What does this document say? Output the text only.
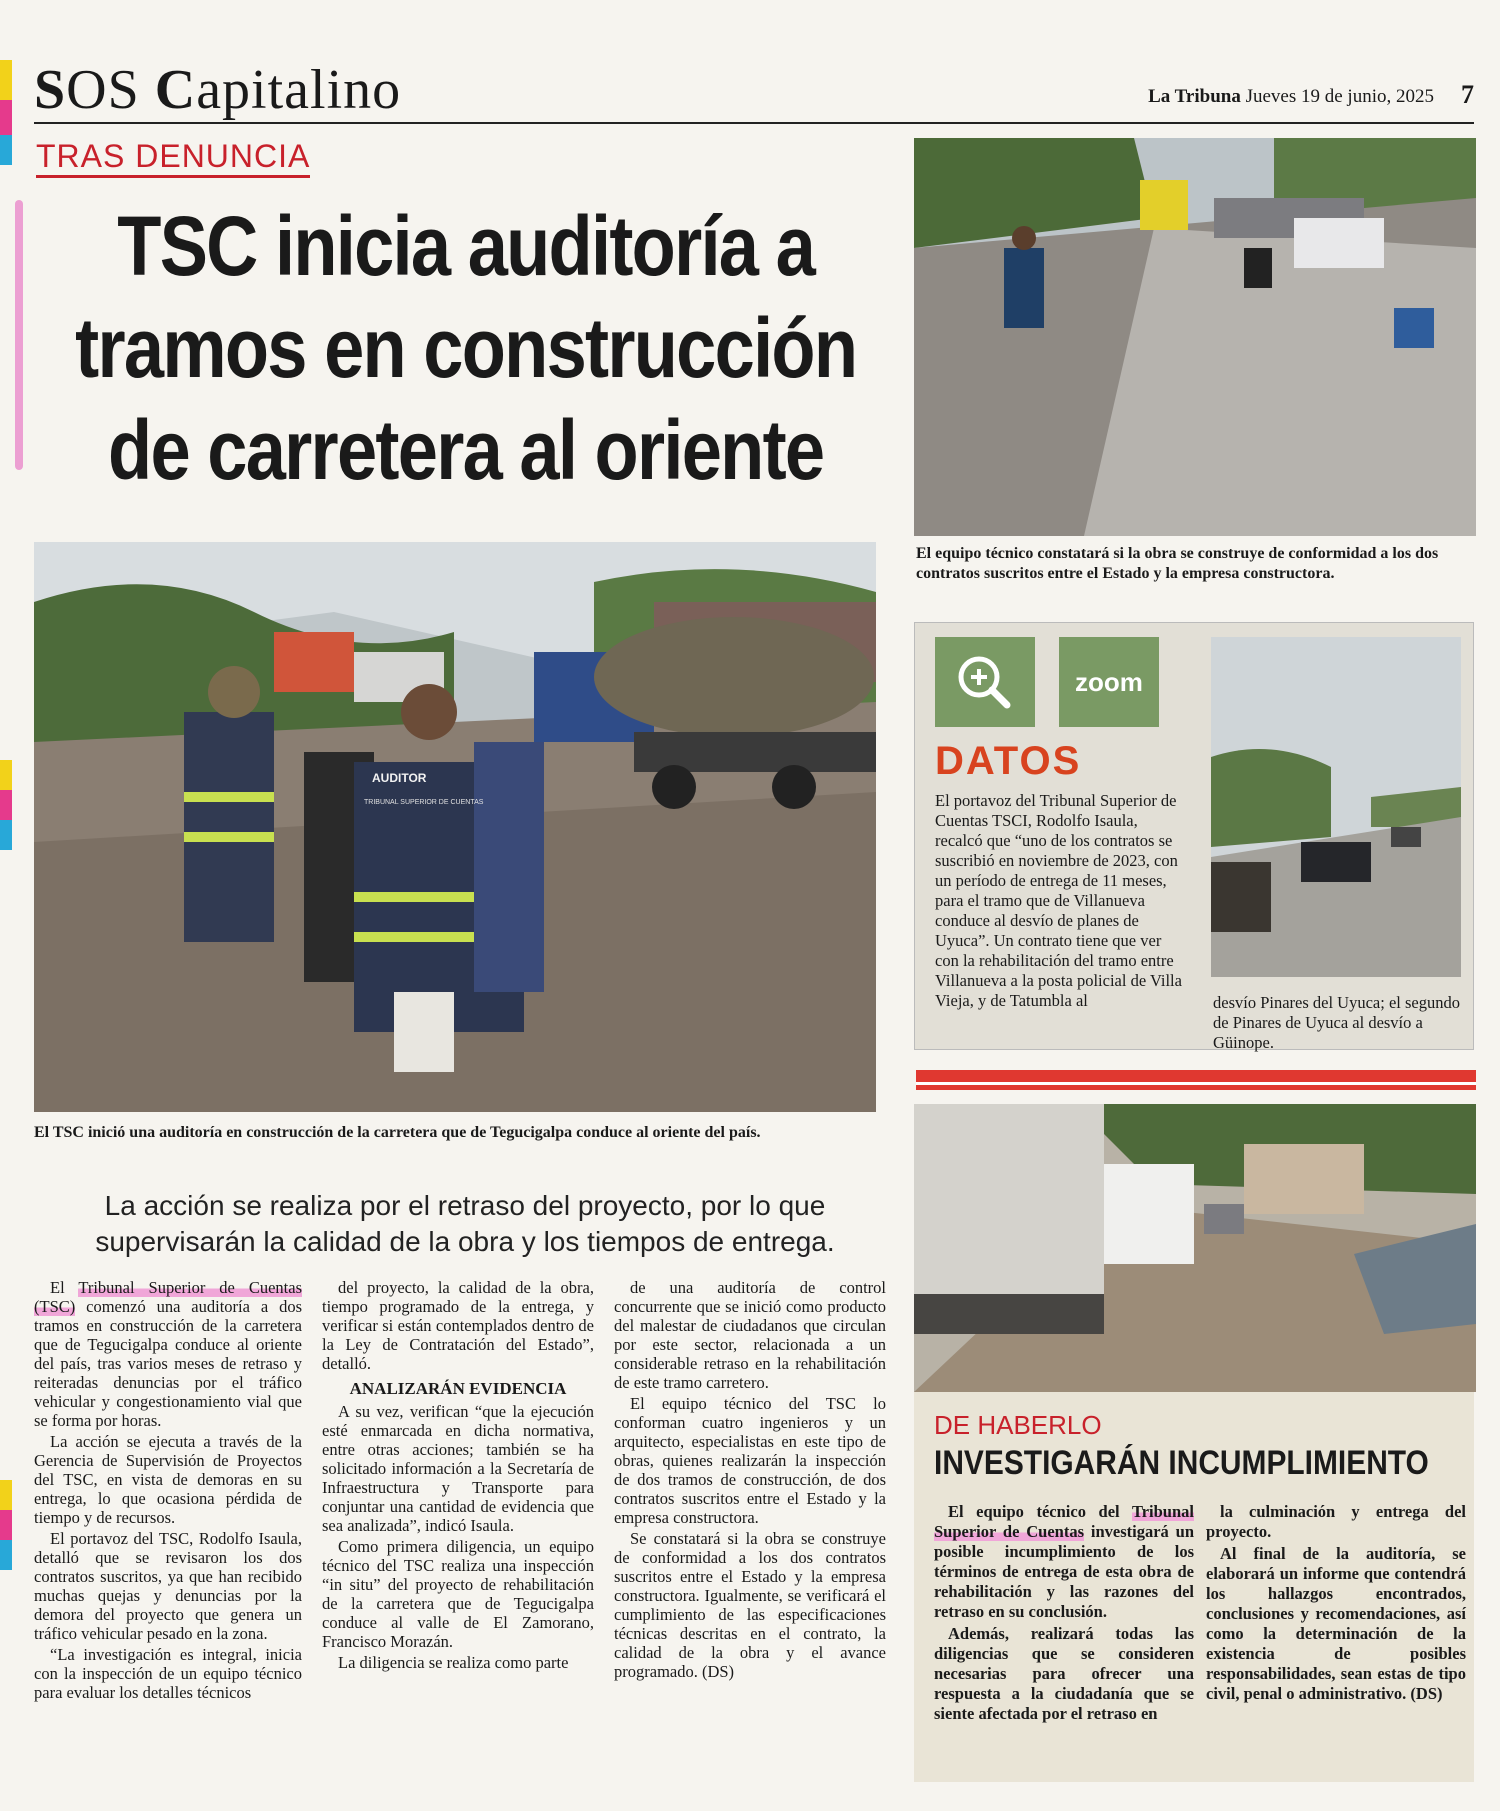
SOS Capitalino	La Tribuna Jueves 19 de junio, 2025 7
TRAS DENUNCIA
TSC inicia auditoría a tramos en construcción de carretera al oriente
AUDITOR
TRIBUNAL SUPERIOR DE CUENTAS
El TSC inició una auditoría en construcción de la carretera que de Tegucigalpa conduce al oriente del país.
La acción se realiza por el retraso del proyecto, por lo que supervisarán la calidad de la obra y los tiempos de entrega.

El Tribunal Superior de Cuentas (TSC) comenzó una auditoría a dos tramos en construcción de la carretera que de Tegucigalpa conduce al oriente del país, tras varios meses de retraso y reiteradas denuncias por el tráfico vehicular y congestionamiento vial que se forma por horas.

La acción se ejecuta a través de la Gerencia de Supervisión de Proyectos del TSC, en vista de demoras en su entrega, lo que ocasiona pérdida de tiempo y de recursos.

El portavoz del TSC, Rodolfo Isaula, detalló que se revisaron los dos contratos suscritos, ya que han recibido muchas quejas y denuncias por la demora del proyecto que genera un tráfico vehicular pesado en la zona.

“La investigación es integral, inicia con la inspección de un equipo técnico para evaluar los detalles técnicos

del proyecto, la calidad de la obra, tiempo programado de la entrega, y verificar si están contemplados dentro de la Ley de Contratación del Estado”, detalló.

ANALIZARÁN EVIDENCIA

A su vez, verifican “que la ejecución esté enmarcada en dicha normativa, entre otras acciones; también se ha solicitado información a la Secretaría de Infraestructura y Transporte para conjuntar una cantidad de evidencia que sea analizada”, indicó Isaula.

Como primera diligencia, un equipo técnico del TSC realiza una inspección “in situ” del proyecto de rehabilitación de la carretera que de Tegucigalpa conduce al valle de El Zamorano, Francisco Morazán.

La diligencia se realiza como parte

de una auditoría de control concurrente que se inició como producto del malestar de ciudadanos que circulan por este sector, relacionada a un considerable retraso en la rehabilitación de este tramo carretero.

El equipo técnico del TSC lo conforman cuatro ingenieros y un arquitecto, especialistas en este tipo de obras, quienes realizarán la inspección de dos tramos de construcción, de dos contratos suscritos entre el Estado y la empresa constructora.

Se constatará si la obra se construye de conformidad a los dos contratos suscritos entre el Estado y la empresa constructora. Igualmente, se verificará el cumplimiento de las especificaciones técnicas descritas en el contrato, la calidad de la obra y el avance programado. (DS)

El equipo técnico constatará si la obra se construye de conformidad a los dos contratos suscritos entre el Estado y la empresa constructora.
zoom
DATOS
El portavoz del Tribunal Superior de Cuentas TSCI, Rodolfo Isaula, recalcó que “uno de los contratos se suscribió en noviembre de 2023, con un período de entrega de 11 meses, para el tramo que de Villanueva conduce al desvío de planes de Uyuca”. Un contrato tiene que ver con la rehabilitación del tramo entre Villanueva a la posta policial de Villa Vieja, y de Tatumbla al	desvío Pinares del Uyuca; el segundo de Pinares de Uyuca al desvío a Güinope.
DE HABERLO
INVESTIGARÁN INCUMPLIMIENTO

El equipo técnico del Tribunal Superior de Cuentas investigará un posible incumplimiento de los términos de entrega de esta obra de rehabilitación y las razones del retraso en su conclusión.

Además, realizará todas las diligencias que se consideren necesarias para ofrecer una respuesta a la ciudadanía que se siente afectada por el retraso en

la culminación y entrega del proyecto.

Al final de la auditoría, se elaborará un informe que contendrá los hallazgos encontrados, conclusiones y recomendaciones, así como la determinación de la existencia de posibles responsabilidades, sean estas de tipo civil, penal o administrativo. (DS)
